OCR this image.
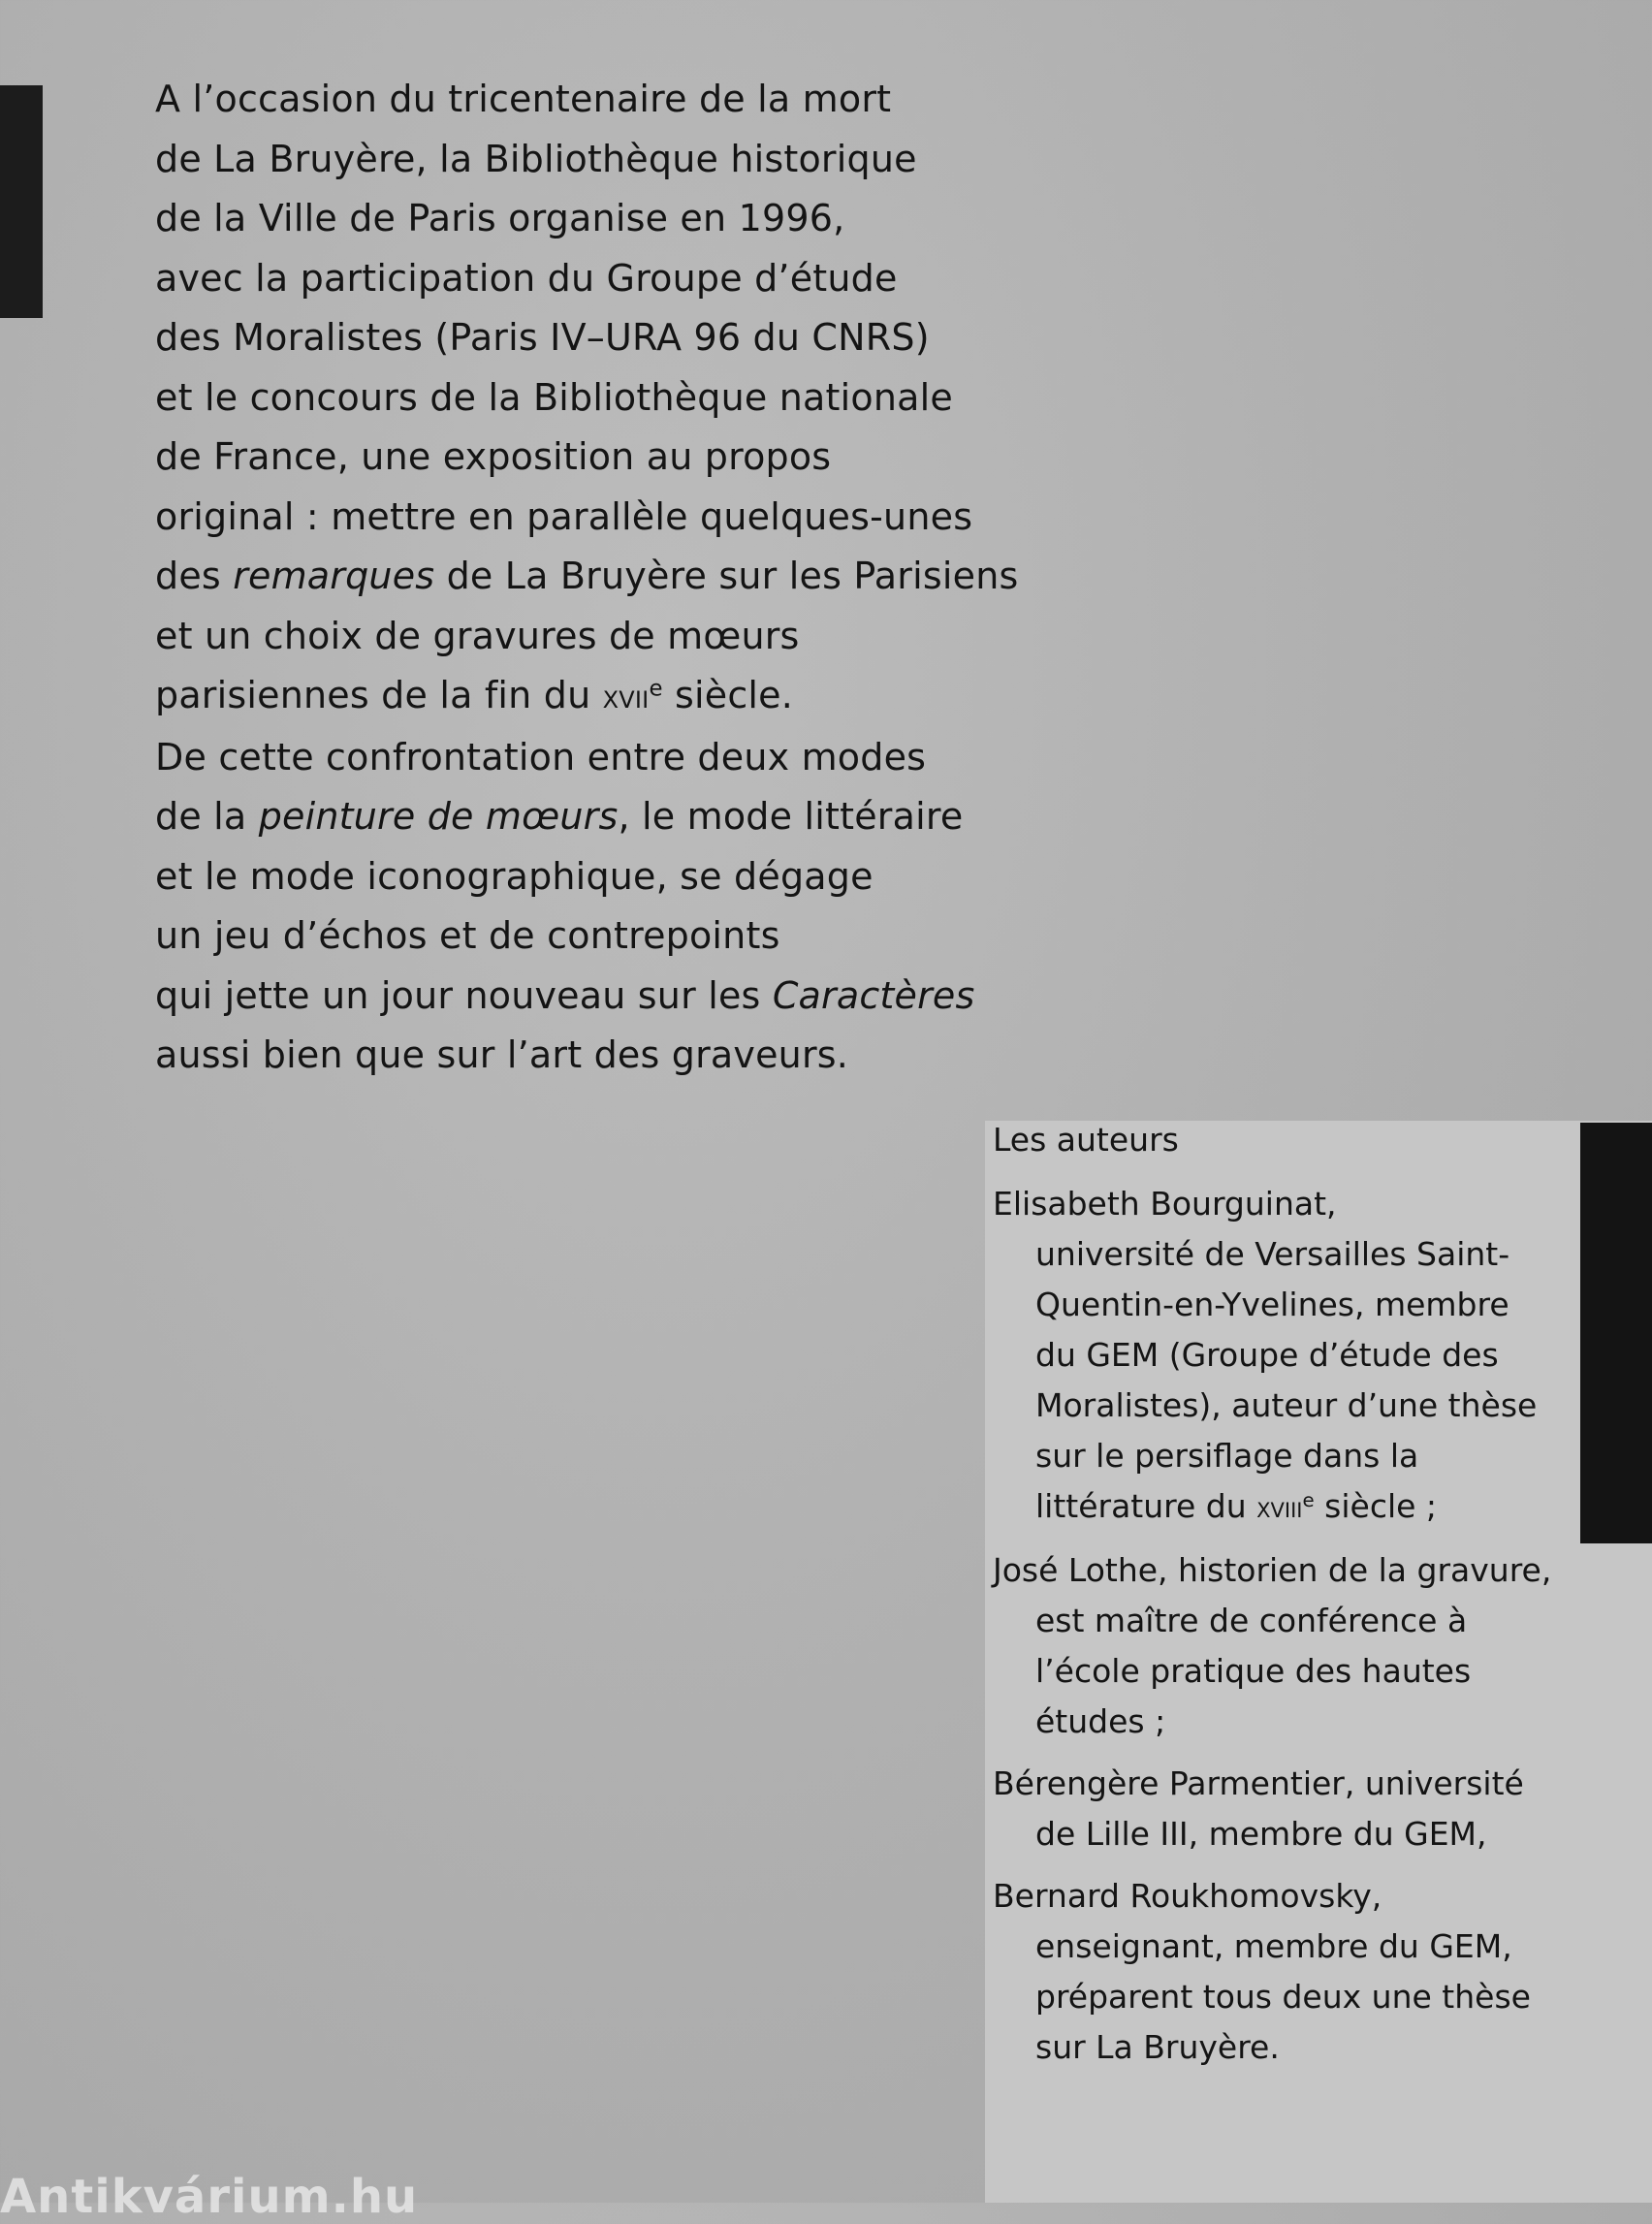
A l’occasion du tricentenaire de la mort
de La Bruyère, la Bibliothèque historique
de la Ville de Paris organise en 1996,
avec la participation du Groupe d’étude
des Moralistes (Paris IV–URA 96 du CNRS)
et le concours de la Bibliothèque nationale
de France, une exposition au propos
original : mettre en parallèle quelques-unes
des remarques de La Bruyère sur les Parisiens
et un choix de gravures de mœurs
parisiennes de la fin du xvii$^e$ siècle.
De cette confrontation entre deux modes
de la peinture de mœurs, le mode littéraire
et le mode iconographique, se dégage
un jeu d’échos et de contrepoints
qui jette un jour nouveau sur les Caractères
aussi bien que sur l’art des graveurs.
Les auteurs
Elisabeth Bourguinat,
université de Versailles Saint-
Quentin-en-Yvelines, membre
du GEM (Groupe d’étude des
Moralistes), auteur d’une thèse
sur le persiflage dans la
littérature du xviii$^e$ siècle ;
José Lothe, historien de la gravure,
est maître de conférence à
l’école pratique des hautes
études ;
Bérengère Parmentier, université
de Lille III, membre du GEM,
Bernard Roukhomovsky,
enseignant, membre du GEM,
préparent tous deux une thèse
sur La Bruyère.
Antikvárium.hu
